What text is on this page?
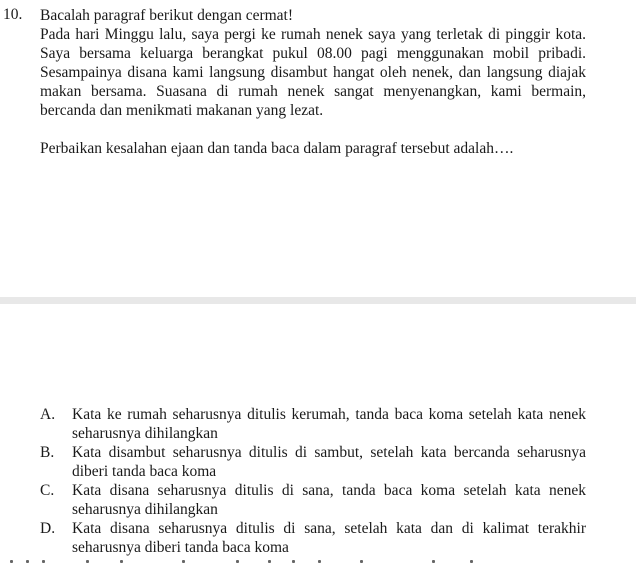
10. Bacalah paragraf berikut dengan cermat!

Pada hari Minggu lalu, saya pergi ke rumah nenek saya yang terletak di pinggir kota. Saya bersama keluarga berangkat pukul 08.00 pagi menggunakan mobil pribadi. Sesampainya disana kami langsung disambut hangat oleh nenek, dan langsung diajak makan bersama. Suasana di rumah nenek sangat menyenangkan, kami bermain, bercanda dan menikmati makanan yang lezat.

Perbaikan kesalahan ejaan dan tanda baca dalam paragraf tersebut adalah….

A.	Kata ke rumah seharusnya ditulis kerumah, tanda baca koma setelah kata nenek seharusnya dihilangkan
B.	Kata disambut seharusnya ditulis di sambut, setelah kata bercanda seharusnya diberi tanda baca koma
C.	Kata disana seharusnya ditulis di sana, tanda baca koma setelah kata nenek seharusnya dihilangkan
D.	Kata disana seharusnya ditulis di sana, setelah kata dan di kalimat terakhir seharusnya diberi tanda baca koma
